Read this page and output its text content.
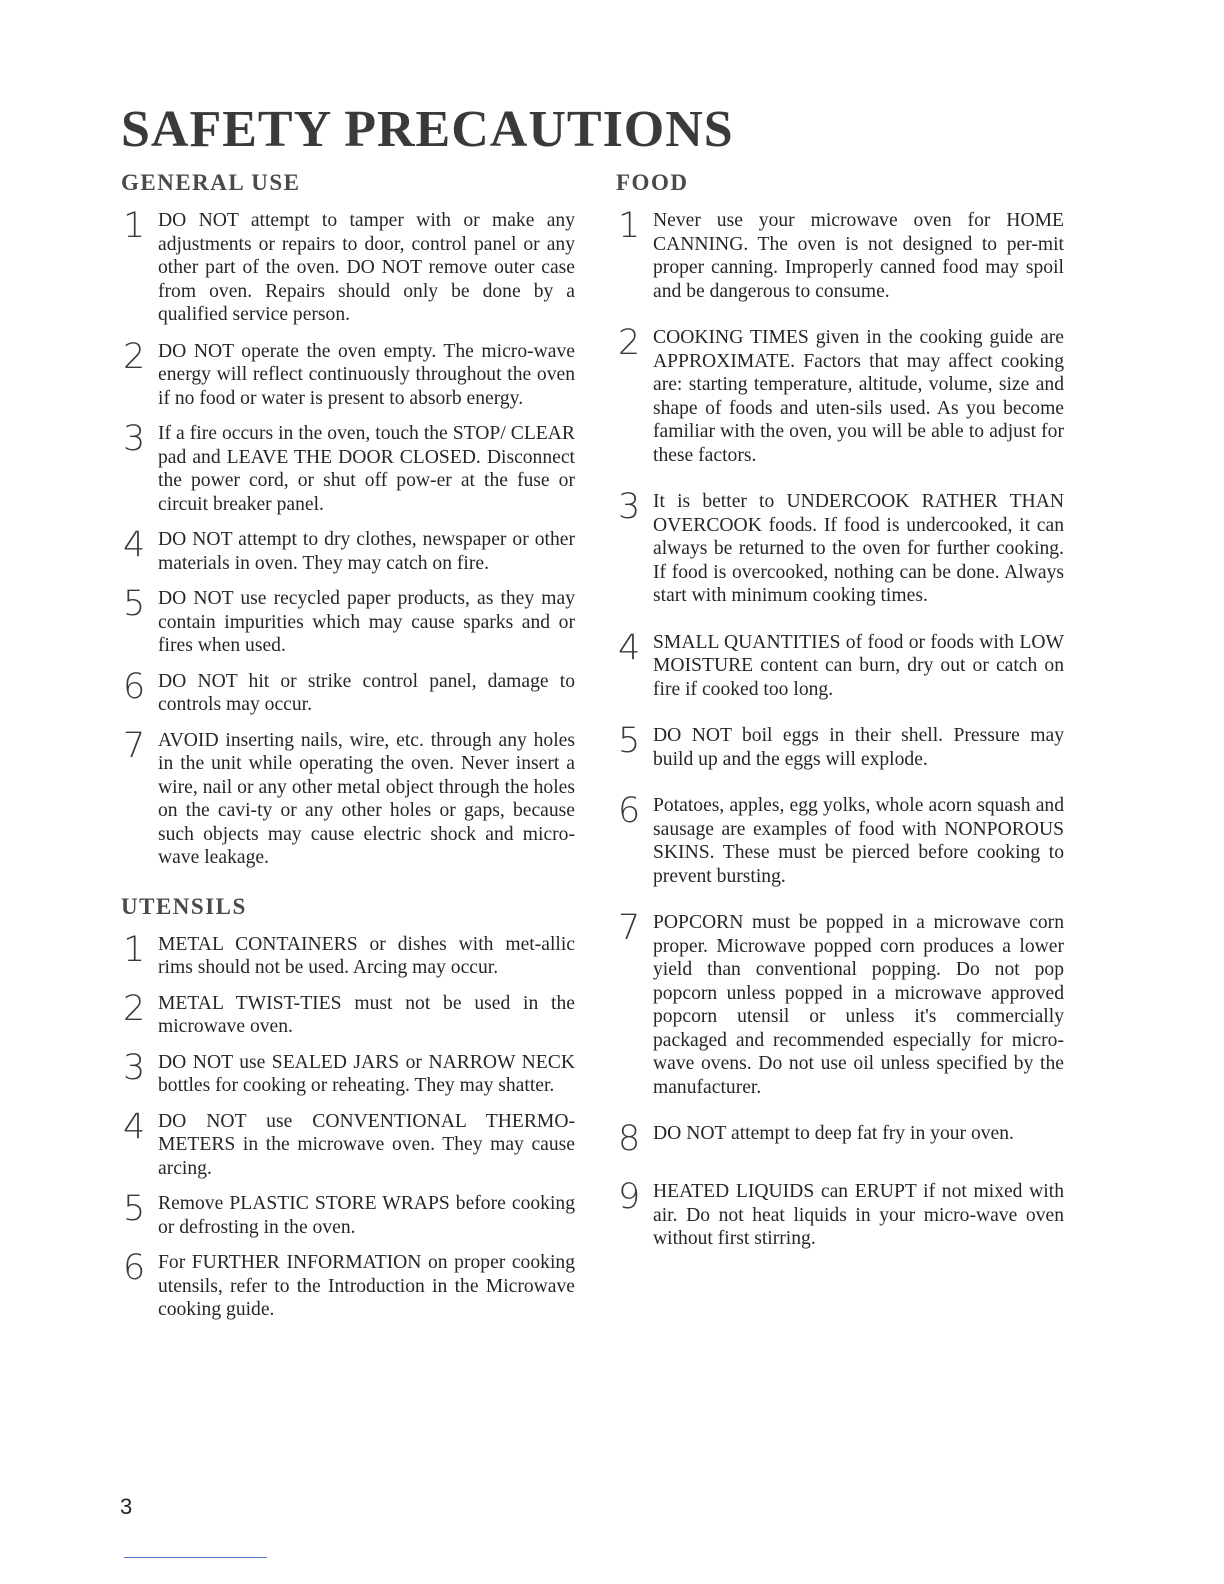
SAFETY PRECAUTIONS
GENERAL USE
1 DO NOT attempt to tamper with or make any adjustments or repairs to door, control panel or any other part of the oven. DO NOT remove outer case from oven. Repairs should only be done by a qualified service person.
2 DO NOT operate the oven empty. The micro-wave energy will reflect continuously throughout the oven if no food or water is present to absorb energy.
3 If a fire occurs in the oven, touch the STOP/ CLEAR pad and LEAVE THE DOOR CLOSED. Disconnect the power cord, or shut off pow-er at the fuse or circuit breaker panel.
4 DO NOT attempt to dry clothes, newspaper or other materials in oven. They may catch on fire.
5 DO NOT use recycled paper products, as they may contain impurities which may cause sparks and or fires when used.
6 DO NOT hit or strike control panel, damage to controls may occur.
7 AVOID inserting nails, wire, etc. through any holes in the unit while operating the oven. Never insert a wire, nail or any other metal object through the holes on the cavi-ty or any other holes or gaps, because such objects may cause electric shock and micro-wave leakage.
UTENSILS
1 METAL CONTAINERS or dishes with met-allic rims should not be used. Arcing may occur.
2 METAL TWIST-TIES must not be used in the microwave oven.
3 DO NOT use SEALED JARS or NARROW NECK bottles for cooking or reheating. They may shatter.
4 DO NOT use CONVENTIONAL THERMO-METERS in the microwave oven. They may cause arcing.
5 Remove PLASTIC STORE WRAPS before cooking or defrosting in the oven.
6 For FURTHER INFORMATION on proper cooking utensils, refer to the Introduction in the Microwave cooking guide.
FOOD
1 Never use your microwave oven for HOME CANNING. The oven is not designed to per-mit proper canning. Improperly canned food may spoil and be dangerous to consume.
2 COOKING TIMES given in the cooking guide are APPROXIMATE. Factors that may affect cooking are: starting temperature, altitude, volume, size and shape of foods and uten-sils used. As you become familiar with the oven, you will be able to adjust for these factors.
3 It is better to UNDERCOOK RATHER THAN OVERCOOK foods. If food is undercooked, it can always be returned to the oven for further cooking. If food is overcooked, nothing can be done. Always start with minimum cooking times.
4 SMALL QUANTITIES of food or foods with LOW MOISTURE content can burn, dry out or catch on fire if cooked too long.
5 DO NOT boil eggs in their shell. Pressure may build up and the eggs will explode.
6 Potatoes, apples, egg yolks, whole acorn squash and sausage are examples of food with NONPOROUS SKINS. These must be pierced before cooking to prevent bursting.
7 POPCORN must be popped in a microwave corn proper. Microwave popped corn produces a lower yield than conventional popping. Do not pop popcorn unless popped in a microwave approved popcorn utensil or unless it's commercially packaged and recommended especially for micro-wave ovens. Do not use oil unless specified by the manufacturer.
8 DO NOT attempt to deep fat fry in your oven.
9 HEATED LIQUIDS can ERUPT if not mixed with air. Do not heat liquids in your micro-wave oven without first stirring.
3
